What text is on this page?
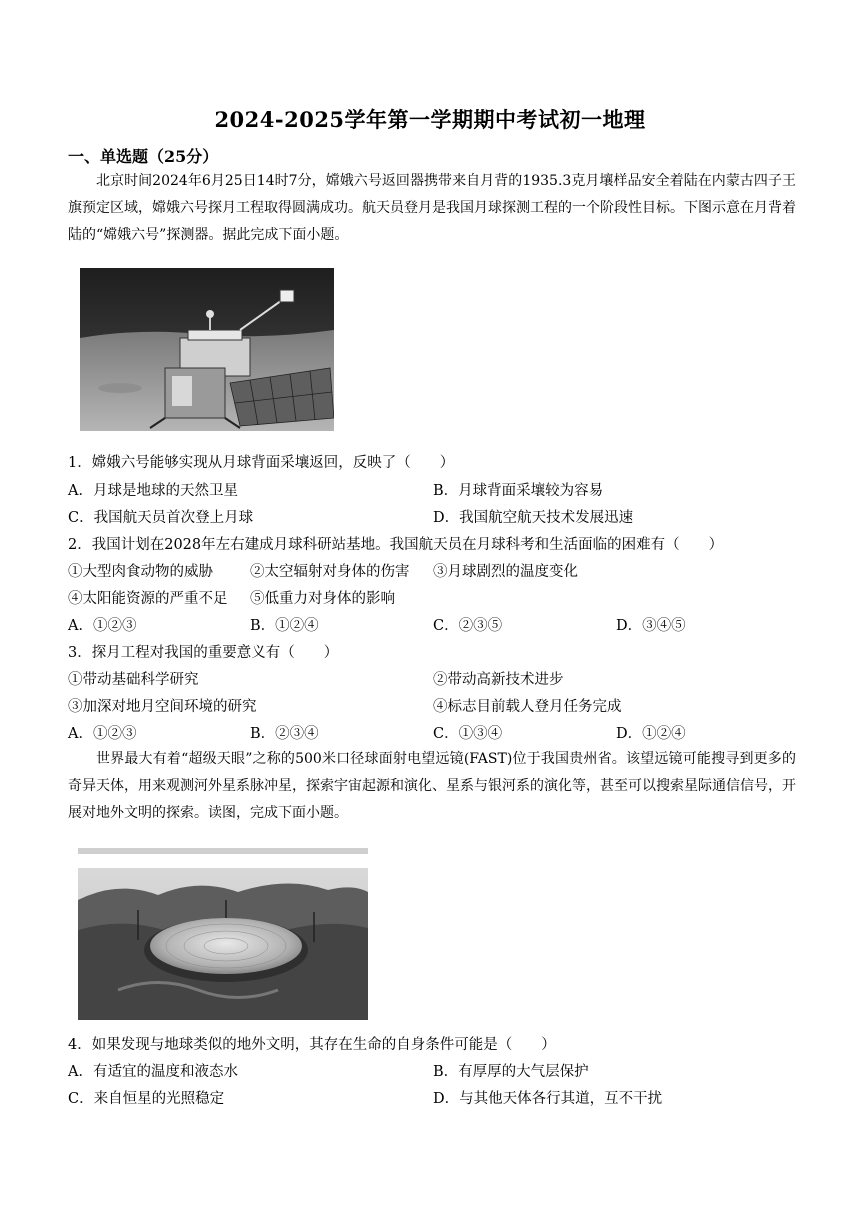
2024-2025学年第一学期期中考试初一地理
一、单选题（25分）
北京时间2024年6月25日14时7分，嫦娥六号返回器携带来自月背的1935.3克月壤样品安全着陆在内蒙古四子王旗预定区域，嫦娥六号探月工程取得圆满成功。航天员登月是我国月球探测工程的一个阶段性目标。下图示意在月背着陆的“嫦娥六号”探测器。据此完成下面小题。
1．嫦娥六号能够实现从月球背面采壤返回，反映了（　　）
A．月球是地球的天然卫星	B．月球背面采壤较为容易
C．我国航天员首次登上月球	D．我国航空航天技术发展迅速
2．我国计划在2028年左右建成月球科研站基地。我国航天员在月球科考和生活面临的困难有（　　）
①大型肉食动物的威胁	②太空辐射对身体的伤害 ③月球剧烈的温度变化
④太阳能资源的严重不足 ⑤低重力对身体的影响
A．①②③	B．①②④	C．②③⑤	D．③④⑤
3．探月工程对我国的重要意义有（　　）
①带动基础科学研究	②带动高新技术进步
③加深对地月空间环境的研究	④标志目前载人登月任务完成
A．①②③	B．②③④	C．①③④	D．①②④
世界最大有着“超级天眼”之称的500米口径球面射电望远镜(FAST)位于我国贵州省。该望远镜可能搜寻到更多的奇异天体，用来观测河外星系脉冲星，探索宇宙起源和演化、星系与银河系的演化等，甚至可以搜索星际通信信号，开展对地外文明的探索。读图，完成下面小题。
4．如果发现与地球类似的地外文明，其存在生命的自身条件可能是（　　）
A．有适宜的温度和液态水	B．有厚厚的大气层保护
C．来自恒星的光照稳定	D．与其他天体各行其道，互不干扰
